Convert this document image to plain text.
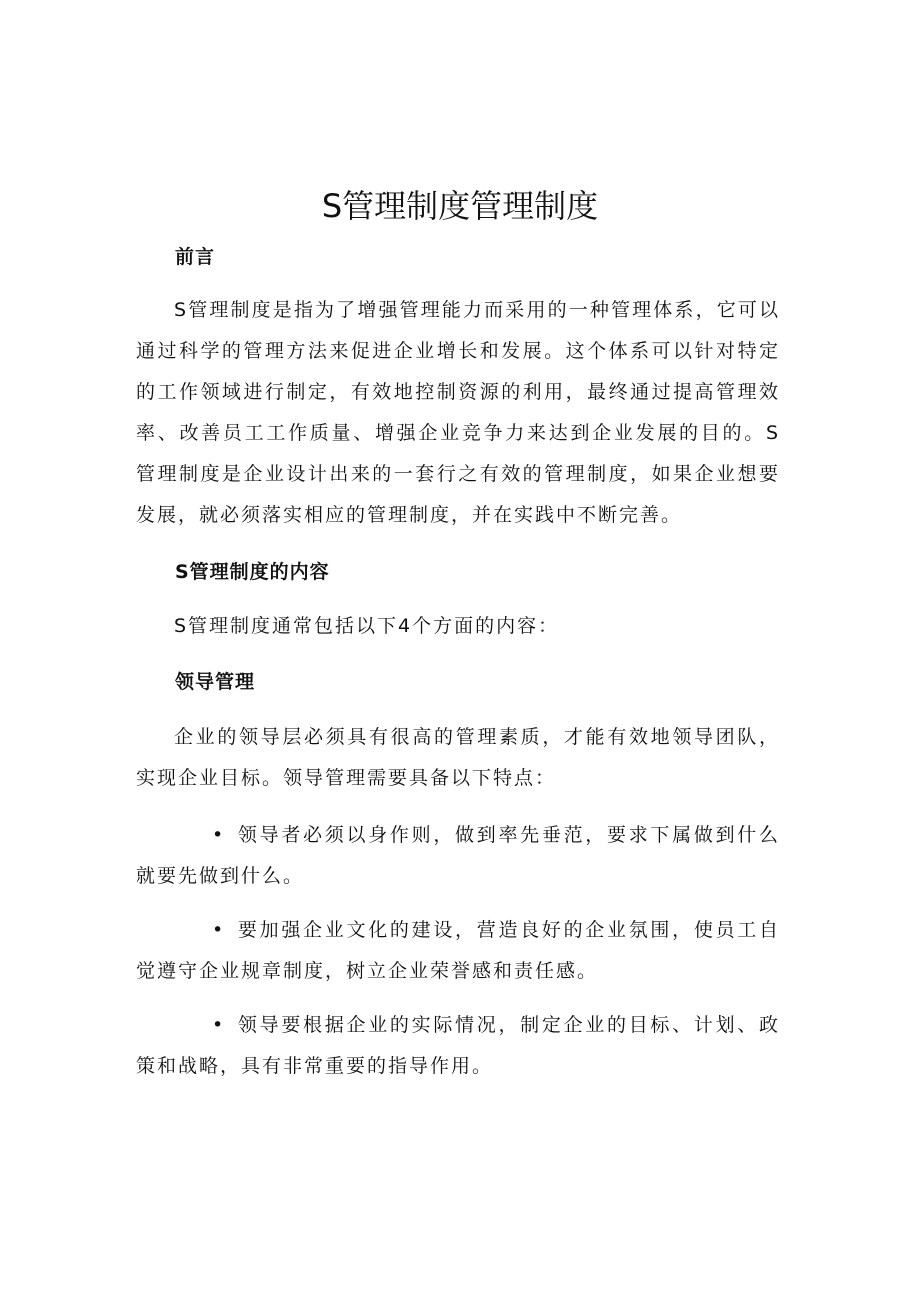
S管理制度管理制度
前言

S管理制度是指为了增强管理能力而采用的一种管理体系，它可以通过科学的管理方法来促进企业增长和发展。这个体系可以针对特定的工作领域进行制定，有效地控制资源的利用，最终通过提高管理效率、改善员工工作质量、增强企业竞争力来达到企业发展的目的。S管理制度是企业设计出来的一套行之有效的管理制度，如果企业想要发展，就必须落实相应的管理制度，并在实践中不断完善。

S管理制度的内容

S管理制度通常包括以下4个方面的内容：

领导管理

企业的领导层必须具有很高的管理素质，才能有效地领导团队，实现企业目标。领导管理需要具备以下特点：

• 领导者必须以身作则，做到率先垂范，要求下属做到什么就要先做到什么。

• 要加强企业文化的建设，营造良好的企业氛围，使员工自觉遵守企业规章制度，树立企业荣誉感和责任感。

• 领导要根据企业的实际情况，制定企业的目标、计划、政策和战略，具有非常重要的指导作用。
